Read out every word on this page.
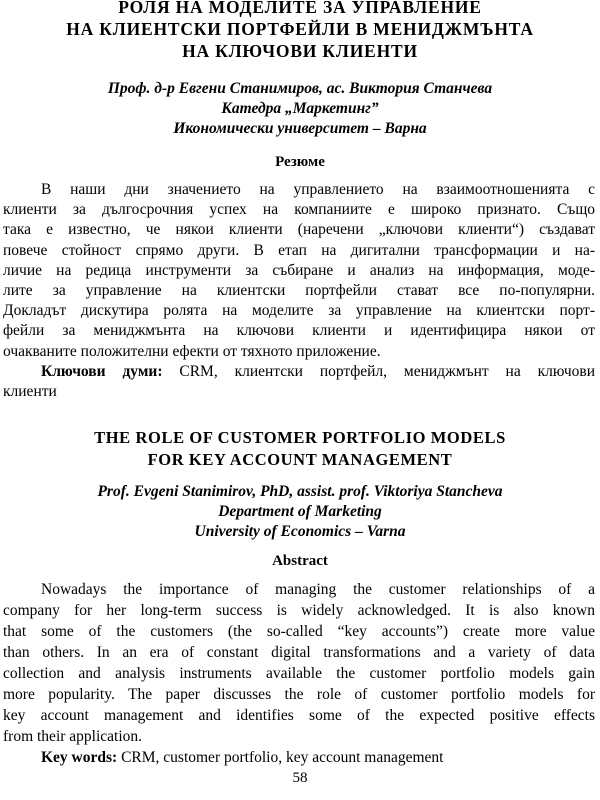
РОЛЯ НА МОДЕЛИТЕ ЗА УПРАВЛЕНИЕ
НА КЛИЕНТСКИ ПОРТФЕЙЛИ В МЕНИДЖМЪНТА
НА КЛЮЧОВИ КЛИЕНТИ
Проф. д-р Евгени Станимиров, ас. Виктория Станчева
Катедра „Маркетинг”
Икономически университет – Варна
Резюме
В наши дни значението на управлението на взаимоотношенията с
клиенти за дългосрочния успех на компаниите е широко признато. Също
така е известно, че някои клиенти (наречени „ключови клиенти“) създават
повече стойност спрямо други. В етап на дигитални трансформации и на-
личие на редица инструменти за събиране и анализ на информация, моде-
лите за управление на клиентски портфейли стават все по-популярни.
Докладът дискутира ролята на моделите за управление на клиентски порт-
фейли за мениджмънта на ключови клиенти и идентифицира някои от
очакваните положителни ефекти от тяхното приложение.
Ключови думи: CRM, клиентски портфейл, мениджмънт на ключови
клиенти
THE ROLE OF CUSTOMER PORTFOLIO MODELS
FOR KEY ACCOUNT MANAGEMENT
Prof. Evgeni Stanimirov, PhD, assist. prof. Viktoriya Stancheva
Department of Marketing
University of Economics – Varna
Abstract
Nowadays the importance of managing the customer relationships of a
company for her long-term success is widely acknowledged. It is also known
that some of the customers (the so-called “key accounts”) create more value
than others. In an era of constant digital transformations and a variety of data
collection and analysis instruments available the customer portfolio models gain
more popularity. The paper discusses the role of customer portfolio models for
key account management and identifies some of the expected positive effects
from their application.
Key words: CRM, customer portfolio, key account management
58
